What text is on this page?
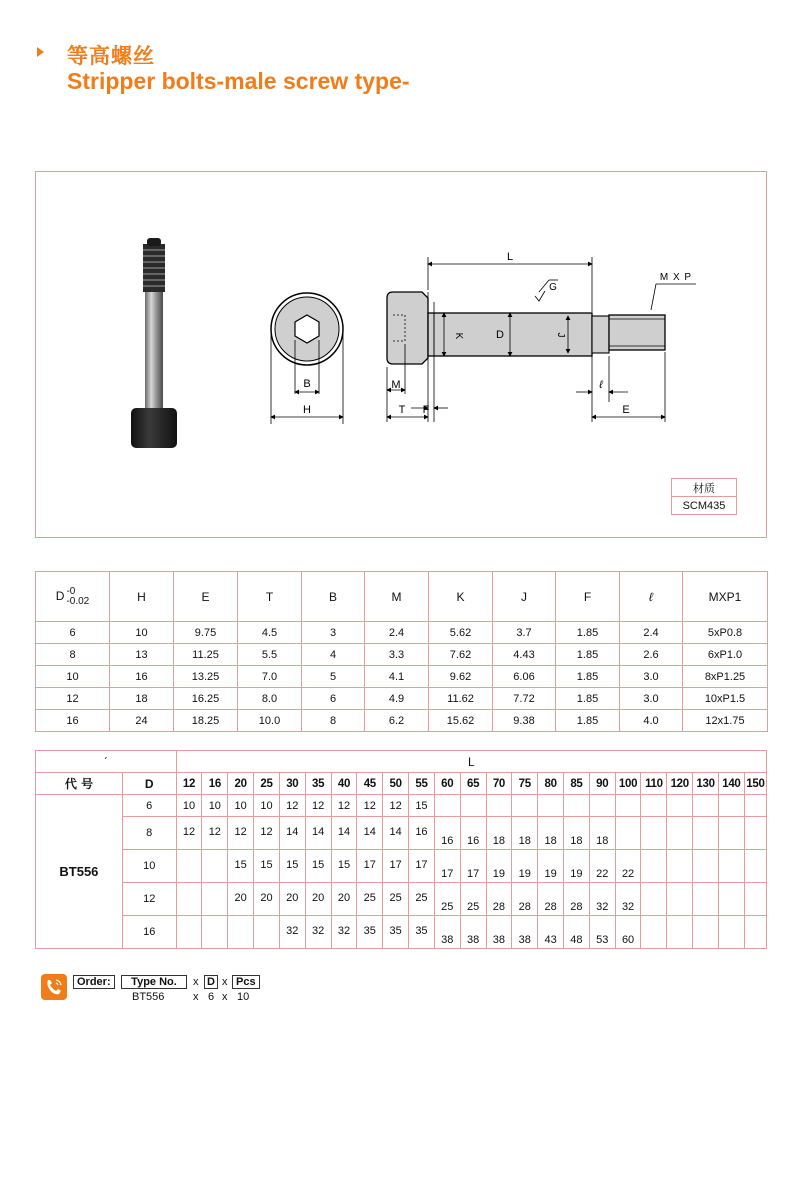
等高螺丝
Stripper bolts-male screw type-
B
H
L
G
M X P
K	D	J
M
T F
ℓ
E
材质
SCM435
D -0
-0.02	H	E	T	B	M	K	J	F	ℓ	MXP1
6	10	9.75	4.5	3	2.4	5.62	3.7	1.85	2.4	5xP0.8
8	13	11.25	5.5	4	3.3	7.62	4.43	1.85	2.6	6xP1.0
10	16	13.25	7.0	5	4.1	9.62	6.06	1.85	3.0	8xP1.25
12	18	16.25	8.0	6	4.9	11.62	7.72	1.85	3.0	10xP1.5
16	24	18.25	10.0	8	6.2	15.62	9.38	1.85	4.0	12x1.75
ˊ		L																						
代 号	D	12	16	20	25	30	35	40	45	50	55	60	65	70	75	80	85	90	100	110	120	130	140	150
BT556	6	10	10	10	10	12	12	12	12	12	15													
	8	12	12	12	12	14	14	14	14	14	16	16	16	18	18	18	18	18						
	10			15	15	15	15	15	17	17	17	17	17	19	19	19	19	22	22					
	12			20	20	20	20	20	25	25	25	25	25	28	28	28	28	32	32					
	16					32	32	32	35	35	35	38	38	38	38	43	48	53	60					
Order:	Type No.	x D x Pcs
BT556	x 6 x 10
